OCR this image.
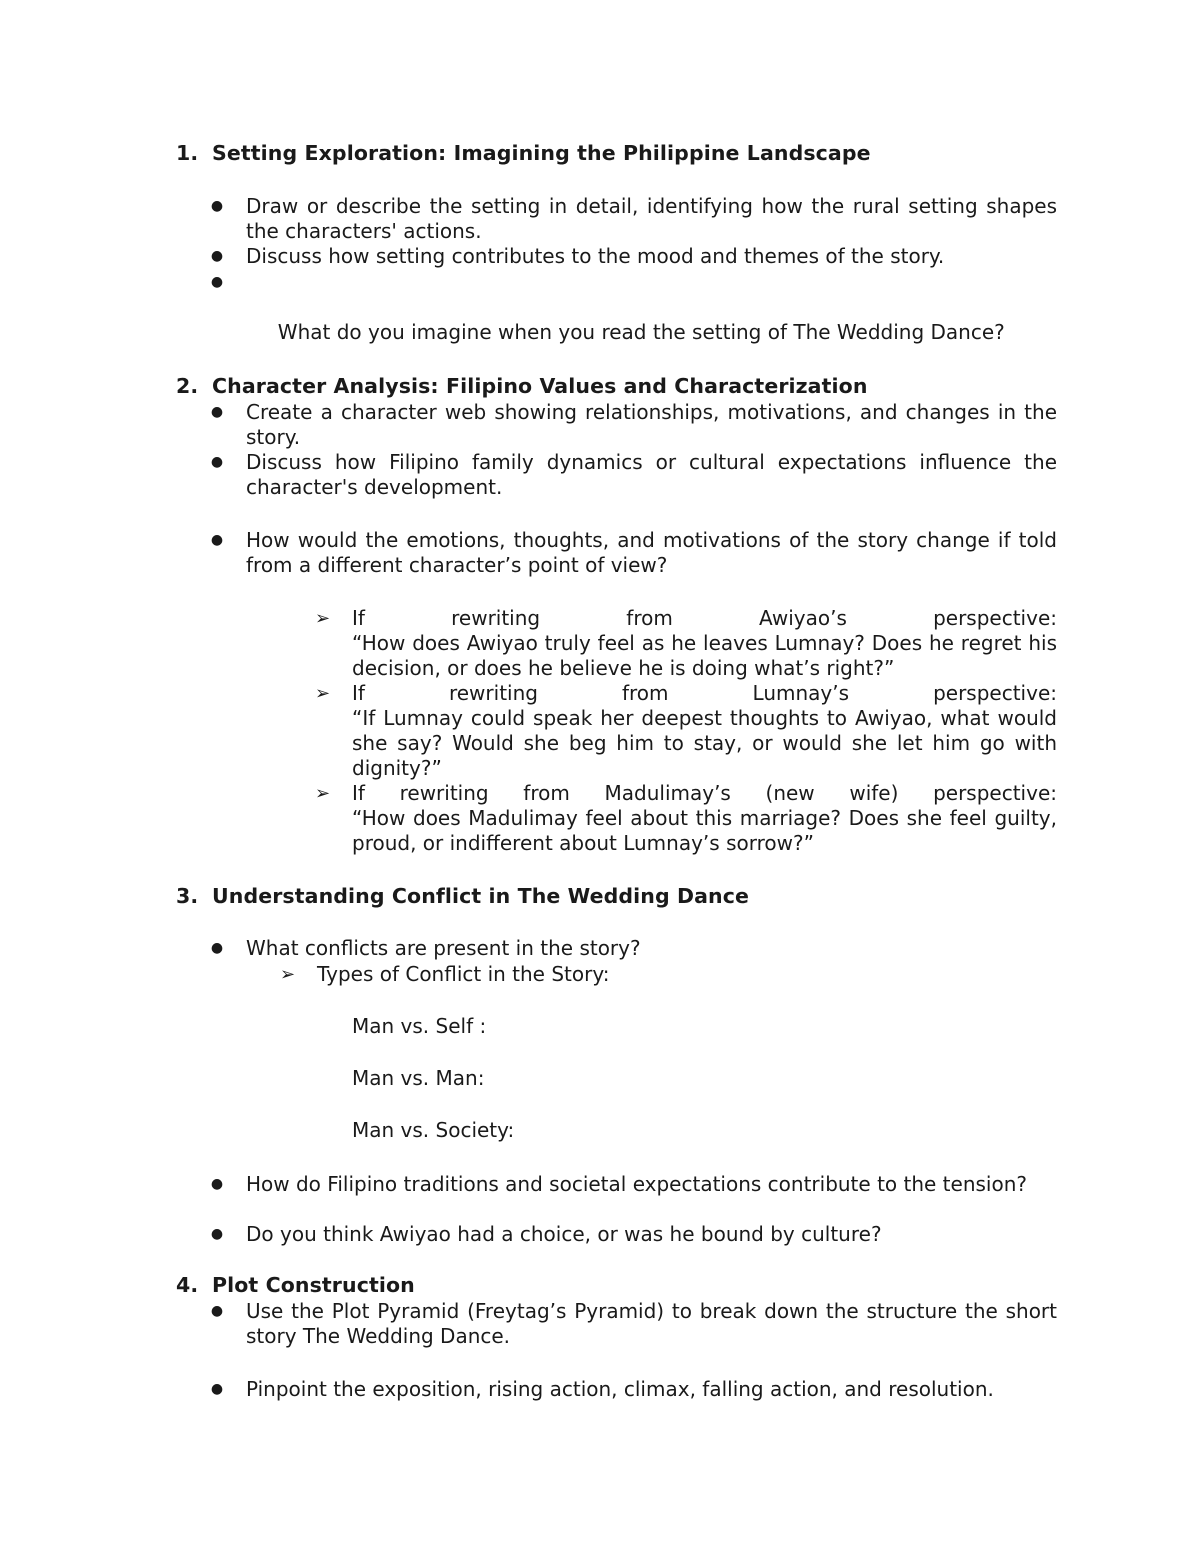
1. Setting Exploration: Imagining the Philippine Landscape
● Draw or describe the setting in detail, identifying how the rural setting shapes the characters' actions.
● Discuss how setting contributes to the mood and themes of the story.

●

What do you imagine when you read the setting of The Wedding Dance?

2. Character Analysis: Filipino Values and Characterization
● Create a character web showing relationships, motivations, and changes in the story.
● Discuss how Filipino family dynamics or cultural expectations influence the character's development.
● How would the emotions, thoughts, and motivations of the story change if told from a different character’s point of view?
➢ If rewriting from Awiyao’s perspective:
“How does Awiyao truly feel as he leaves Lumnay? Does he regret his decision, or does he believe he is doing what’s right?”
➢ If rewriting from Lumnay’s perspective:
“If Lumnay could speak her deepest thoughts to Awiyao, what would she say? Would she beg him to stay, or would she let him go with dignity?”
➢ If rewriting from Madulimay’s (new wife) perspective:
“How does Madulimay feel about this marriage? Does she feel guilty, proud, or indifferent about Lumnay’s sorrow?”
3. Understanding Conflict in The Wedding Dance
● What conflicts are present in the story?
➢ Types of Conflict in the Story:
Man vs. Self :
Man vs. Man:
Man vs. Society:
● How do Filipino traditions and societal expectations contribute to the tension?
● Do you think Awiyao had a choice, or was he bound by culture?
4. Plot Construction
● Use the Plot Pyramid (Freytag’s Pyramid) to break down the structure the short story The Wedding Dance.
● Pinpoint the exposition, rising action, climax, falling action, and resolution.
